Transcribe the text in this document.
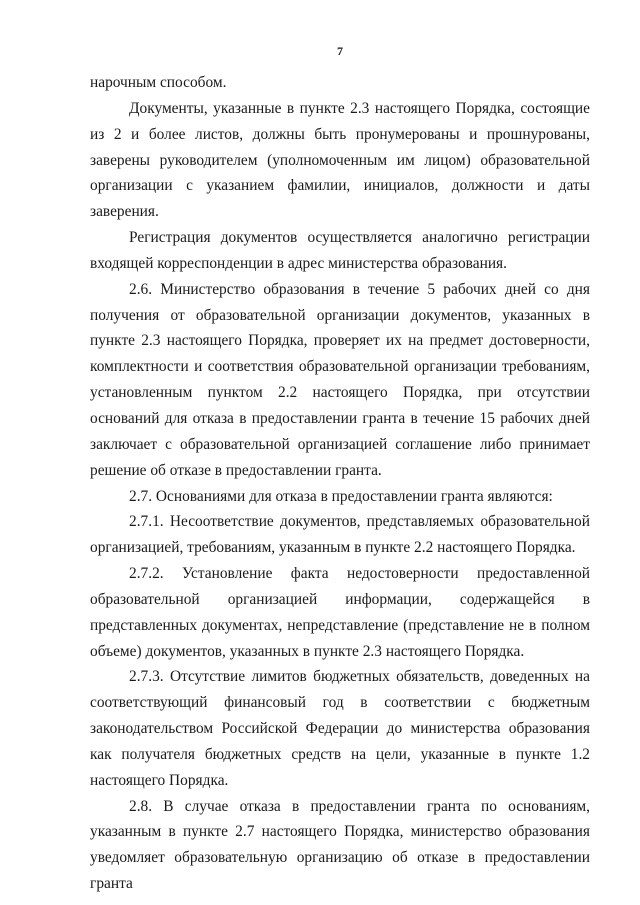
7

нарочным способом.

Документы, указанные в пункте 2.3 настоящего Порядка, состоящие из 2 и более листов, должны быть пронумерованы и прошнурованы, заверены руководителем (уполномоченным им лицом) образовательной организации с указанием фамилии, инициалов, должности и даты заверения.

Регистрация документов осуществляется аналогично регистрации входящей корреспонденции в адрес министерства образования.

2.6. Министерство образования в течение 5 рабочих дней со дня получения от образовательной организации документов, указанных в пункте 2.3 настоящего Порядка, проверяет их на предмет достоверности, комплектности и соответствия образовательной организации требованиям, установленным пунктом 2.2 настоящего Порядка, при отсутствии оснований для отказа в предоставлении гранта в течение 15 рабочих дней заключает с образовательной организацией соглашение либо принимает решение об отказе в предоставлении гранта.

2.7. Основаниями для отказа в предоставлении гранта являются:

2.7.1. Несоответствие документов, представляемых образовательной организацией, требованиям, указанным в пункте 2.2 настоящего Порядка.

2.7.2. Установление факта недостоверности предоставленной образовательной организацией информации, содержащейся в представленных документах, непредставление (представление не в полном объеме) документов, указанных в пункте 2.3 настоящего Порядка.

2.7.3. Отсутствие лимитов бюджетных обязательств, доведенных на соответствующий финансовый год в соответствии с бюджетным законодательством Российской Федерации до министерства образования как получателя бюджетных средств на цели, указанные в пункте 1.2 настоящего Порядка.

2.8. В случае отказа в предоставлении гранта по основаниям, указанным в пункте 2.7 настоящего Порядка, министерство образования уведомляет образовательную организацию об отказе в предоставлении гранта
